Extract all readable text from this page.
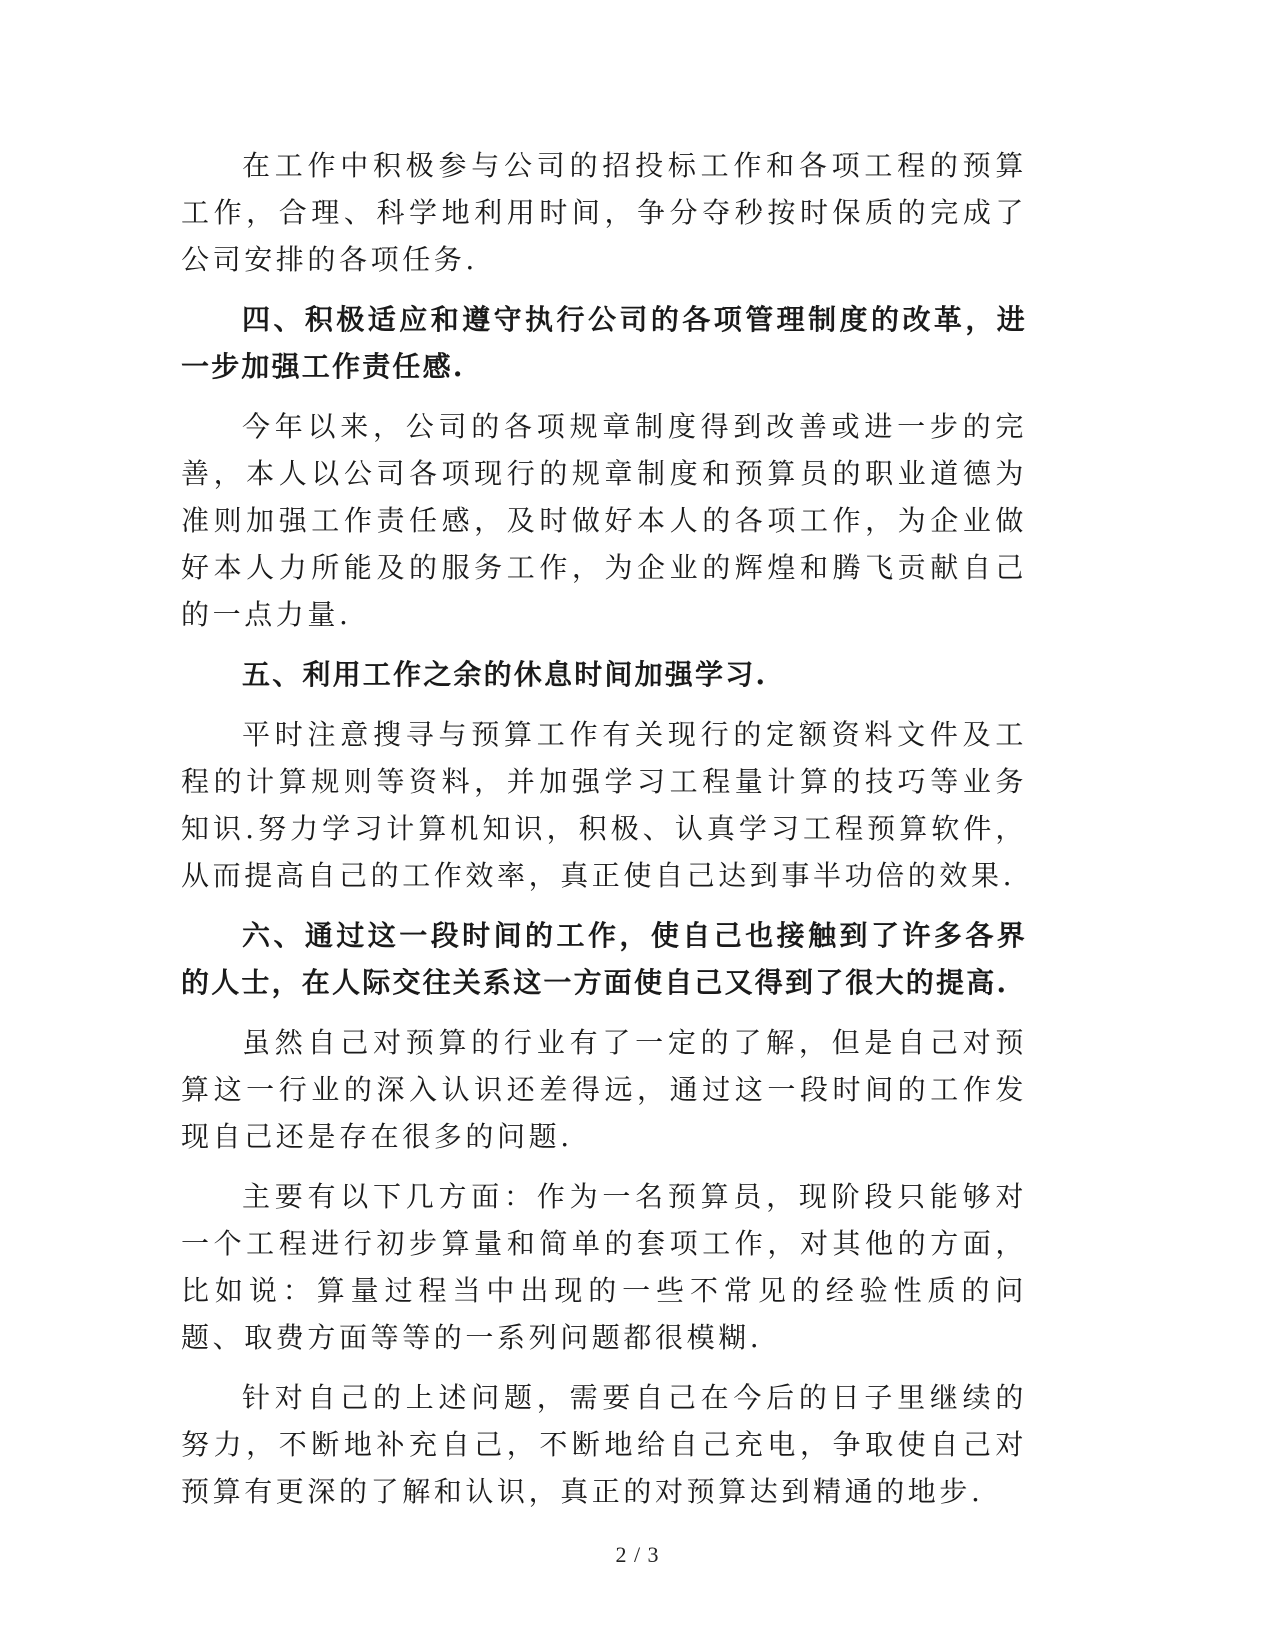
在工作中积极参与公司的招投标工作和各项工程的预算工作，合理、科学地利用时间，争分夺秒按时保质的完成了公司安排的各项任务.

四、积极适应和遵守执行公司的各项管理制度的改革，进一步加强工作责任感.

今年以来，公司的各项规章制度得到改善或进一步的完善，本人以公司各项现行的规章制度和预算员的职业道德为准则加强工作责任感，及时做好本人的各项工作，为企业做好本人力所能及的服务工作，为企业的辉煌和腾飞贡献自己的一点力量.

五、利用工作之余的休息时间加强学习.

平时注意搜寻与预算工作有关现行的定额资料文件及工程的计算规则等资料，并加强学习工程量计算的技巧等业务知识.努力学习计算机知识，积极、认真学习工程预算软件，从而提高自己的工作效率，真正使自己达到事半功倍的效果.

六、通过这一段时间的工作，使自己也接触到了许多各界的人士，在人际交往关系这一方面使自己又得到了很大的提高.

虽然自己对预算的行业有了一定的了解，但是自己对预算这一行业的深入认识还差得远，通过这一段时间的工作发现自己还是存在很多的问题.

主要有以下几方面：作为一名预算员，现阶段只能够对一个工程进行初步算量和简单的套项工作，对其他的方面，比如说：算量过程当中出现的一些不常见的经验性质的问题、取费方面等等的一系列问题都很模糊.

针对自己的上述问题，需要自己在今后的日子里继续的努力，不断地补充自己，不断地给自己充电，争取使自己对预算有更深的了解和认识，真正的对预算达到精通的地步.

2 / 3
